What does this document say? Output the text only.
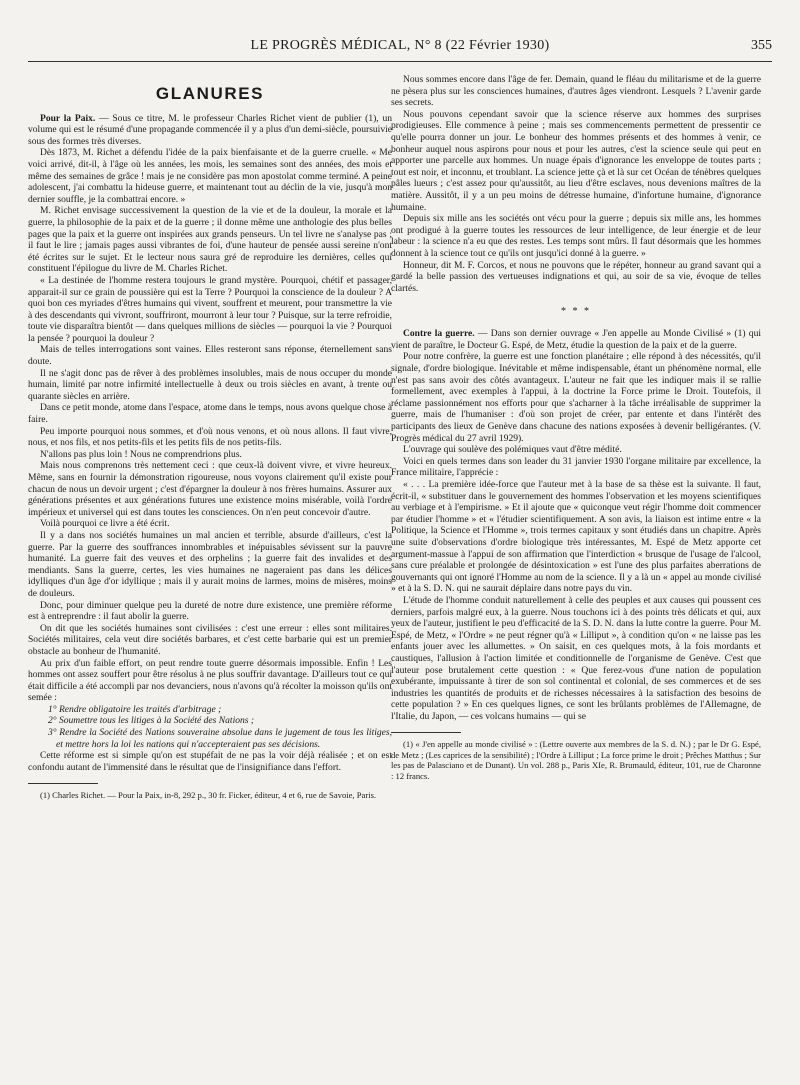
LE PROGRÈS MÉDICAL, N° 8 (22 Février 1930)	355
GLANURES

Pour la Paix. — Sous ce titre, M. le professeur Charles Richet vient de publier (1), un volume qui est le résumé d'une propagande commencée il y a plus d'un demi-siècle, poursuivie sous des formes très diverses.

Dès 1873, M. Richet a défendu l'idée de la paix bienfaisante et de la guerre cruelle. « Me voici arrivé, dit-il, à l'âge où les années, les mois, les semaines sont des années, des mois et même des semaines de grâce ! mais je ne considère pas mon apostolat comme terminé. A peine adolescent, j'ai combattu la hideuse guerre, et maintenant tout au déclin de la vie, jusqu'à mon dernier souffle, je la combattrai encore. »

M. Richet envisage successivement la question de la vie et de la douleur, la morale et la guerre, la philosophie de la paix et de la guerre ; il donne même une anthologie des plus belles pages que la paix et la guerre ont inspirées aux grands penseurs. Un tel livre ne s'analyse pas ; il faut le lire ; jamais pages aussi vibrantes de foi, d'une hauteur de pensée aussi sereine n'ont été écrites sur le sujet. Et le lecteur nous saura gré de reproduire les dernières, celles qui constituent l'épilogue du livre de M. Charles Richet.

« La destinée de l'homme restera toujours le grand mystère. Pourquoi, chétif et passager, apparait-il sur ce grain de poussière qui est la Terre ? Pourquoi la conscience de la douleur ? A quoi bon ces myriades d'êtres humains qui vivent, souffrent et meurent, pour transmettre la vie à des descendants qui vivront, souffriront, mourront à leur tour ? Puisque, sur la terre refroidie, toute vie disparaîtra bientôt — dans quelques millions de siècles — pourquoi la vie ? Pourquoi la pensée ? pourquoi la douleur ?

Mais de telles interrogations sont vaines. Elles resteront sans réponse, éternellement sans doute.

Il ne s'agit donc pas de rêver à des problèmes insolubles, mais de nous occuper du monde humain, limité par notre infirmité intellectuelle à deux ou trois siècles en avant, à trente ou quarante siècles en arrière.

Dans ce petit monde, atome dans l'espace, atome dans le temps, nous avons quelque chose à faire.

Peu importe pourquoi nous sommes, et d'où nous venons, et où nous allons. Il faut vivre, nous, et nos fils, et nos petits-fils et les petits fils de nos petits-fils.

N'allons pas plus loin ! Nous ne comprendrions plus.

Mais nous comprenons très nettement ceci : que ceux-là doivent vivre, et vivre heureux. Même, sans en fournir la démonstration rigoureuse, nous voyons clairement qu'il existe pour chacun de nous un devoir urgent ; c'est d'épargner la douleur à nos frères humains. Assurer aux générations présentes et aux générations futures une existence moins misérable, voilà l'ordre impérieux et universel qui est dans toutes les consciences. On n'en peut concevoir d'autre.

Voilà pourquoi ce livre a été écrit.

Il y a dans nos sociétés humaines un mal ancien et terrible, absurde d'ailleurs, c'est la guerre. Par la guerre des souffrances innombrables et inépuisables sévissent sur la pauvre humanité. La guerre fait des veuves et des orphelins ; la guerre fait des invalides et des mendiants. Sans la guerre, certes, les vies humaines ne nageraient pas dans les délices idylliques d'un âge d'or idyllique ; mais il y aurait moins de larmes, moins de misères, moins de douleurs.

Donc, pour diminuer quelque peu la dureté de notre dure existence, une première réforme est à entreprendre : il faut abolir la guerre.

On dit que les sociétés humaines sont civilisées : c'est une erreur : elles sont militaires. Sociétés militaires, cela veut dire sociétés barbares, et c'est cette barbarie qui est un premier obstacle au bonheur de l'humanité.

Au prix d'un faible effort, on peut rendre toute guerre désormais impossible. Enfin ! Les hommes ont assez souffert pour être résolus à ne plus souffrir davantage. D'ailleurs tout ce qui était difficile a été accompli par nos devanciers, nous n'avons qu'à récolter la moisson qu'ils ont semée :

1° Rendre obligatoire les traités d'arbitrage ;
2° Soumettre tous les litiges à la Société des Nations ;
3° Rendre la Société des Nations souveraine absolue dans le jugement de tous les litiges, et mettre hors la loi les nations qui n'accepteraient pas ses décisions.

Cette réforme est si simple qu'on est stupéfait de ne pas la voir déjà réalisée ; et on est confondu autant de l'immensité dans le résultat que de l'insignifiance dans l'effort.

(1) Charles Richet. — Pour la Paix, in-8, 292 p., 30 fr. Ficker, éditeur, 4 et 6, rue de Savoie, Paris.

Nous sommes encore dans l'âge de fer. Demain, quand le fléau du militarisme et de la guerre ne pèsera plus sur les consciences humaines, d'autres âges viendront. Lesquels ? L'avenir garde ses secrets.

Nous pouvons cependant savoir que la science réserve aux hommes des surprises prodigieuses. Elle commence à peine ; mais ses commencements permettent de pressentir ce qu'elle pourra donner un jour. Le bonheur des hommes présents et des hommes à venir, ce bonheur auquel nous aspirons pour nous et pour les autres, c'est la science seule qui peut en apporter une parcelle aux hommes. Un nuage épais d'ignorance les enveloppe de toutes parts ; tout est noir, et inconnu, et troublant. La science jette çà et là sur cet Océan de ténèbres quelques pâles lueurs ; c'est assez pour qu'aussitôt, au lieu d'être esclaves, nous devenions maîtres de la matière. Aussitôt, il y a un peu moins de détresse humaine, d'infortune humaine, d'ignorance humaine.

Depuis six mille ans les sociétés ont vécu pour la guerre ; depuis six mille ans, les hommes ont prodigué à la guerre toutes les ressources de leur intelligence, de leur énergie et de leur labeur : la science n'a eu que des restes. Les temps sont mûrs. Il faut désormais que les hommes donnent à la science tout ce qu'ils ont jusqu'ici donné à la guerre. »

Honneur, dit M. F. Corcos, et nous ne pouvons que le répéter, honneur au grand savant qui a gardé la belle passion des vertueuses indignations et qui, au soir de sa vie, évoque de telles clartés.

* * *

Contre la guerre. — Dans son dernier ouvrage « J'en appelle au Monde Civilisé » (1) qui vient de paraître, le Docteur G. Espé, de Metz, étudie la question de la paix et de la guerre.

Pour notre confrère, la guerre est une fonction planétaire ; elle répond à des nécessités, qu'il signale, d'ordre biologique. Inévitable et même indispensable, étant un phénomène normal, elle n'est pas sans avoir des côtés avantageux. L'auteur ne fait que les indiquer mais il se rallie formellement, avec exemples à l'appui, à la doctrine la Force prime le Droit. Toutefois, il réclame passionnément nos efforts pour que s'acharner à la tâche irréalisable de supprimer la guerre, mais de l'humaniser : d'où son projet de créer, par entente et dans l'intérêt des participants des lieux de Genève dans chacune des nations exposées à devenir belligérantes. (V. Progrès médical du 27 avril 1929).

L'ouvrage qui soulève des polémiques vaut d'être médité.

Voici en quels termes dans son leader du 31 janvier 1930 l'organe militaire par excellence, la France militaire, l'apprécie :

« . . . La première idée-force que l'auteur met à la base de sa thèse est la suivante. Il faut, écrit-il, « substituer dans le gouvernement des hommes l'observation et les moyens scientifiques au verbiage et à l'empirisme. » Et il ajoute que « quiconque veut régir l'homme doit commencer par étudier l'homme » et « l'étudier scientifiquement. A son avis, la liaison est intime entre « la Politique, la Science et l'Homme », trois termes capitaux y sont étudiés dans un chapitre. Après une suite d'observations d'ordre biologique très intéressantes, M. Espé de Metz apporte cet argument-massue à l'appui de son affirmation que l'interdiction « brusque de l'usage de l'alcool, sans cure préalable et prolongée de désintoxication » est l'une des plus parfaites aberrations de gouvernants qui ont ignoré l'Homme au nom de la science. Il y a là un « appel au monde civilisé » et à la S. D. N. qui ne saurait déplaire dans notre pays du vin.

L'étude de l'homme conduit naturellement à celle des peuples et aux causes qui poussent ces derniers, parfois malgré eux, à la guerre. Nous touchons ici à des points très délicats et qui, aux yeux de l'auteur, justifient le peu d'efficacité de la S. D. N. dans la lutte contre la guerre. Pour M. Espé, de Metz, « l'Ordre » ne peut régner qu'à « Lilliput », à condition qu'on « ne laisse pas les enfants jouer avec les allumettes. » On saisit, en ces quelques mots, à la fois mordants et caustiques, l'allusion à l'action limitée et conditionnelle de l'organisme de Genève. C'est que l'auteur pose brutalement cette question : « Que ferez-vous d'une nation de population exubérante, impuissante à tirer de son sol continental et colonial, de ses commerces et de ses industries les quantités de produits et de richesses nécessaires à la satisfaction des besoins de cette population ? » En ces quelques lignes, ce sont les brûlants problèmes de l'Allemagne, de l'Italie, du Japon, — ces volcans humains — qui se

(1) « J'en appelle au monde civilisé » : (Lettre ouverte aux membres de la S. d. N.) ; par le Dr G. Espé, de Metz ; (Les caprices de la sensibilité) ; l'Ordre à Lilliput ; La force prime le droit ; Prêches Matthus ; Sur les pas de Palasciano et de Dunant). Un vol. 288 p., Paris XIe, R. Brumauld, éditeur, 101, rue de Charonne : 12 francs.
